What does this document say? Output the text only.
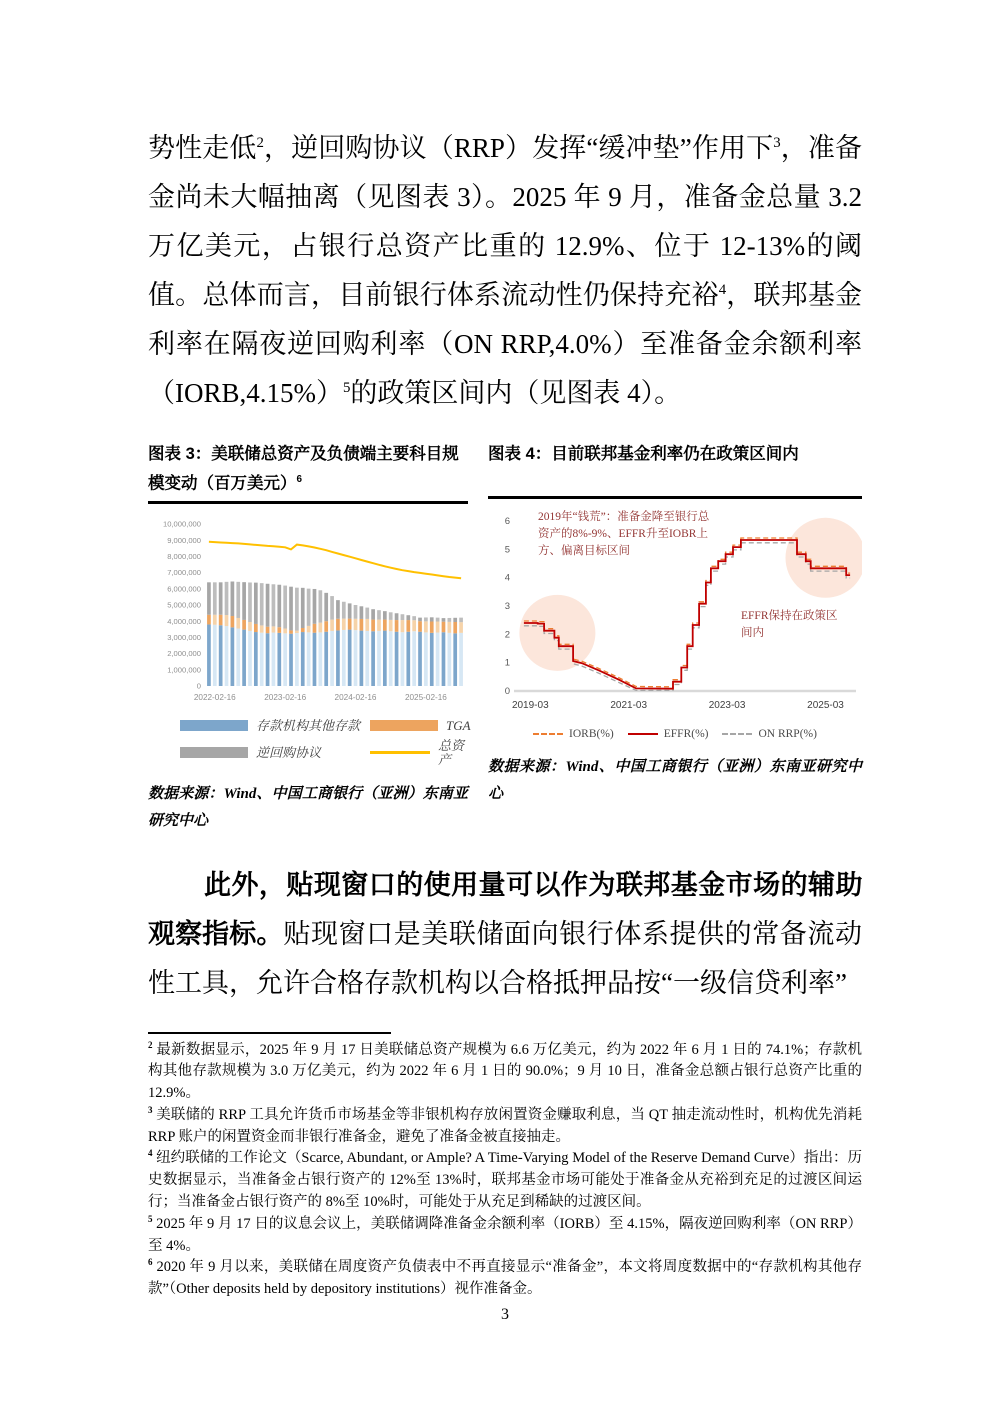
势性走低$^2$，逆回购协议（RRP）发挥“缓冲垫”作用下$^3$，准备金尚未大幅抽离（见图表 3）。2025 年 9 月，准备金总量 3.2 万亿美元，占银行总资产比重的 12.9%、位于 12-13%的阈值。总体而言，目前银行体系流动性仍保持充裕$^4$，联邦基金利率在隔夜逆回购利率（ON RRP,4.0%）至准备金余额利率（IORB,4.15%）$^5$的政策区间内（见图表 4）。

图表 3：美联储总资产及负债端主要科目规模变动（百万美元）$^6$
0
1,000,000
2,000,000
3,000,000
4,000,000
5,000,000
6,000,000
7,000,000
8,000,000
9,000,000
10,000,000
2022-02-16	2023-02-16	2024-02-16	2025-02-16
存款机构其他存款	TGA
逆回购协议	总资产

数据来源：Wind、中国工商银行（亚洲）东南亚研究中心

图表 4：目前联邦基金利率仍在政策区间内
2019年“钱荒”：准备金降至银行总资产的8%-9%、EFFR升至IOBR上方、偏离目标区间
EFFR保持在政策区间内
0
1
2
3
4
5
6
2019-03	2021-03	2023-03	2025-03
IORB(%)	EFFR(%)	ON RRP(%)

数据来源：Wind、中国工商银行（亚洲）东南亚研究中心

此外，贴现窗口的使用量可以作为联邦基金市场的辅助观察指标。贴现窗口是美联储面向银行体系提供的常备流动性工具，允许合格存款机构以合格抵押品按“一级信贷利率”

$^2$ 最新数据显示，2025 年 9 月 17 日美联储总资产规模为 6.6 万亿美元，约为 2022 年 6 月 1 日的 74.1%；存款机构其他存款规模为 3.0 万亿美元，约为 2022 年 6 月 1 日的 90.0%；9 月 10 日，准备金总额占银行总资产比重的 12.9%。

$^3$ 美联储的 RRP 工具允许货币市场基金等非银机构存放闲置资金赚取利息，当 QT 抽走流动性时，机构优先消耗 RRP 账户的闲置资金而非银行准备金，避免了准备金被直接抽走。

$^4$ 纽约联储的工作论文（Scarce, Abundant, or Ample? A Time-Varying Model of the Reserve Demand Curve）指出：历史数据显示，当准备金占银行资产的 12%至 13%时，联邦基金市场可能处于准备金从充裕到充足的过渡区间运行；当准备金占银行资产的 8%至 10%时，可能处于从充足到稀缺的过渡区间。

$^5$ 2025 年 9 月 17 日的议息会议上，美联储调降准备金余额利率（IORB）至 4.15%，隔夜逆回购利率（ON RRP）至 4%。

$^6$ 2020 年 9 月以来，美联储在周度资产负债表中不再直接显示“准备金”，本文将周度数据中的“存款机构其他存款”（Other deposits held by depository institutions）视作准备金。

3
